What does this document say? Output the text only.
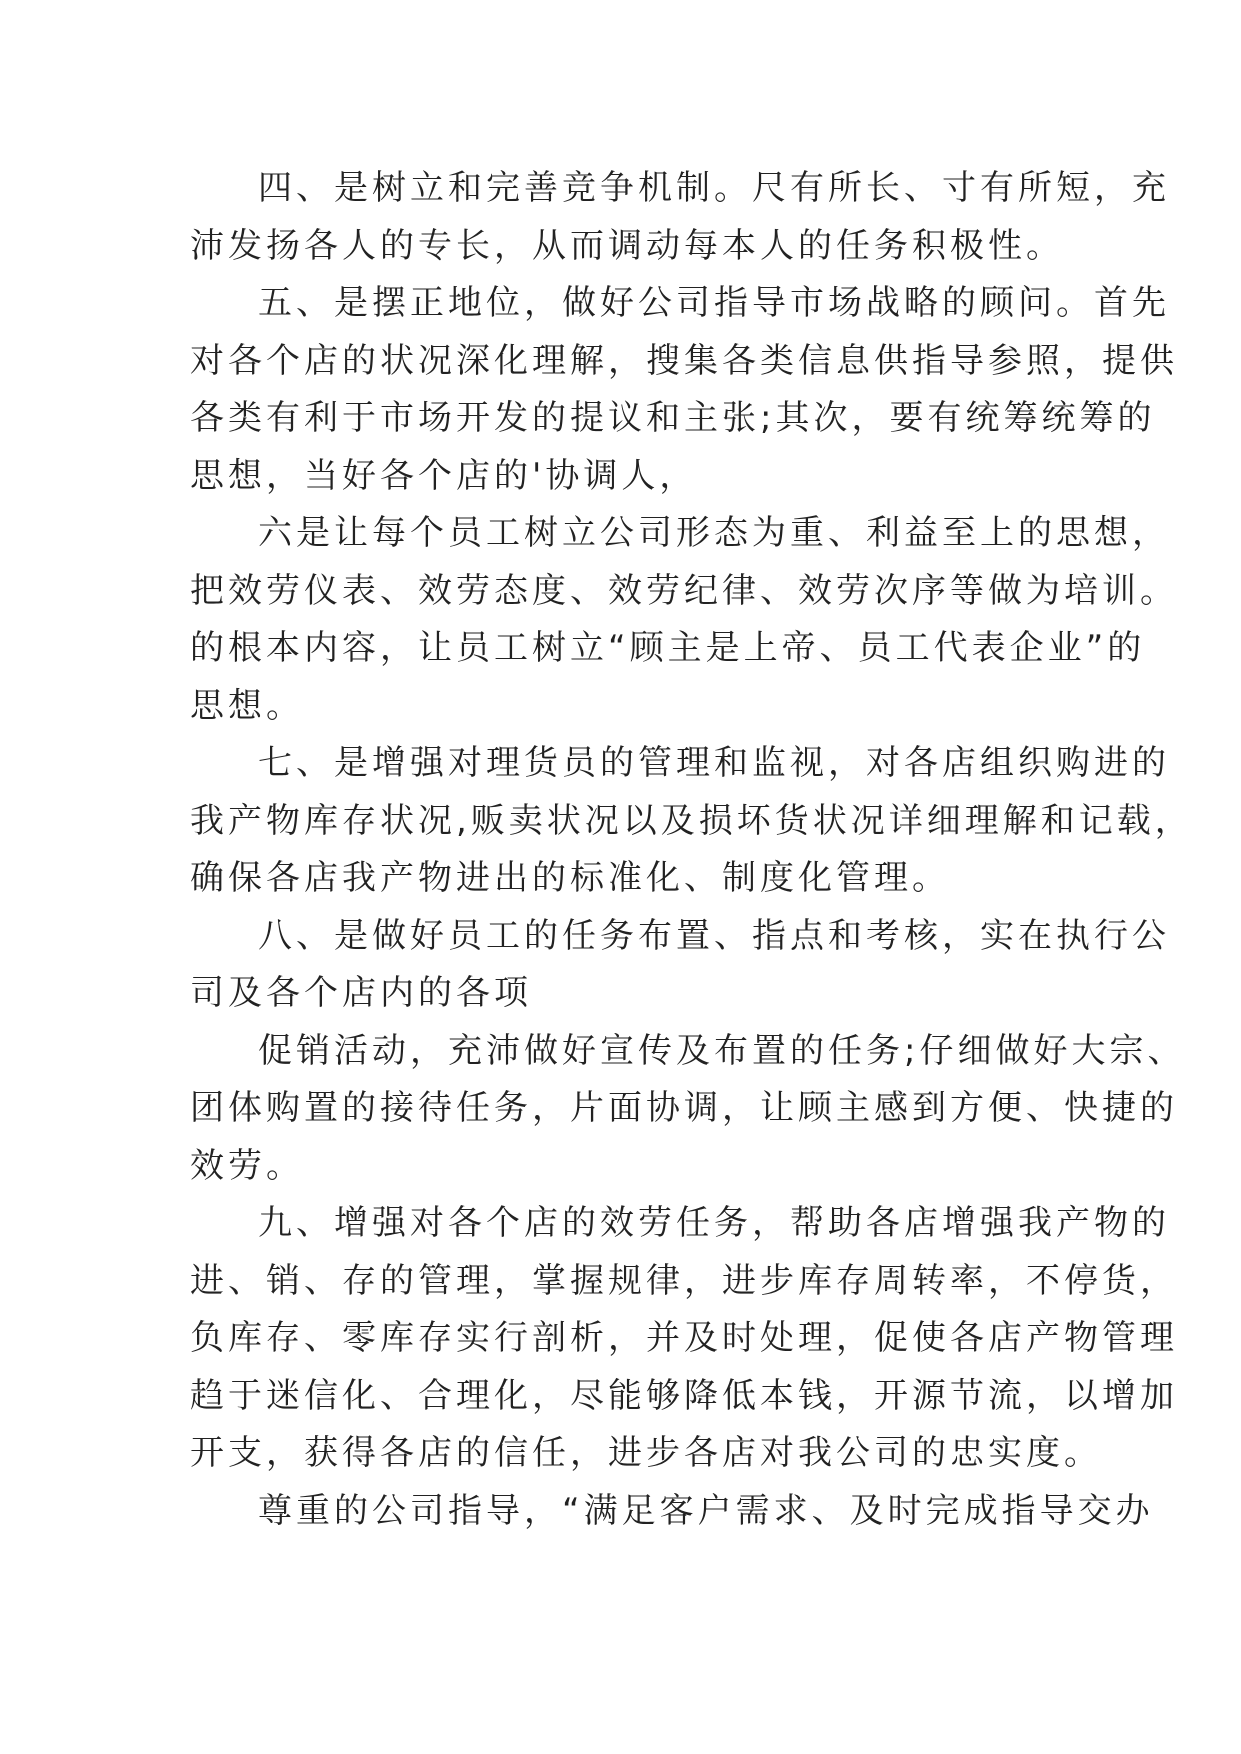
四、是树立和完善竞争机制。尺有所长、寸有所短，充
沛发扬各人的专长，从而调动每本人的任务积极性。
五、是摆正地位，做好公司指导市场战略的顾问。首先
对各个店的状况深化理解，搜集各类信息供指导参照，提供
各类有利于市场开发的提议和主张;其次，要有统筹统筹的
思想，当好各个店的'协调人，
六是让每个员工树立公司形态为重、利益至上的思想，
把效劳仪表、效劳态度、效劳纪律、效劳次序等做为培训。
的根本内容，让员工树立“顾主是上帝、员工代表企业”的
思想。
七、是增强对理货员的管理和监视，对各店组织购进的
我产物库存状况,贩卖状况以及损坏货状况详细理解和记载，
确保各店我产物进出的标准化、制度化管理。
八、是做好员工的任务布置、指点和考核，实在执行公
司及各个店内的各项
促销活动，充沛做好宣传及布置的任务;仔细做好大宗、
团体购置的接待任务，片面协调，让顾主感到方便、快捷的
效劳。
九、增强对各个店的效劳任务，帮助各店增强我产物的
进、销、存的管理，掌握规律，进步库存周转率，不停货，
负库存、零库存实行剖析，并及时处理，促使各店产物管理
趋于迷信化、合理化，尽能够降低本钱，开源节流，以增加
开支，获得各店的信任，进步各店对我公司的忠实度。
尊重的公司指导，“满足客户需求、及时完成指导交办
